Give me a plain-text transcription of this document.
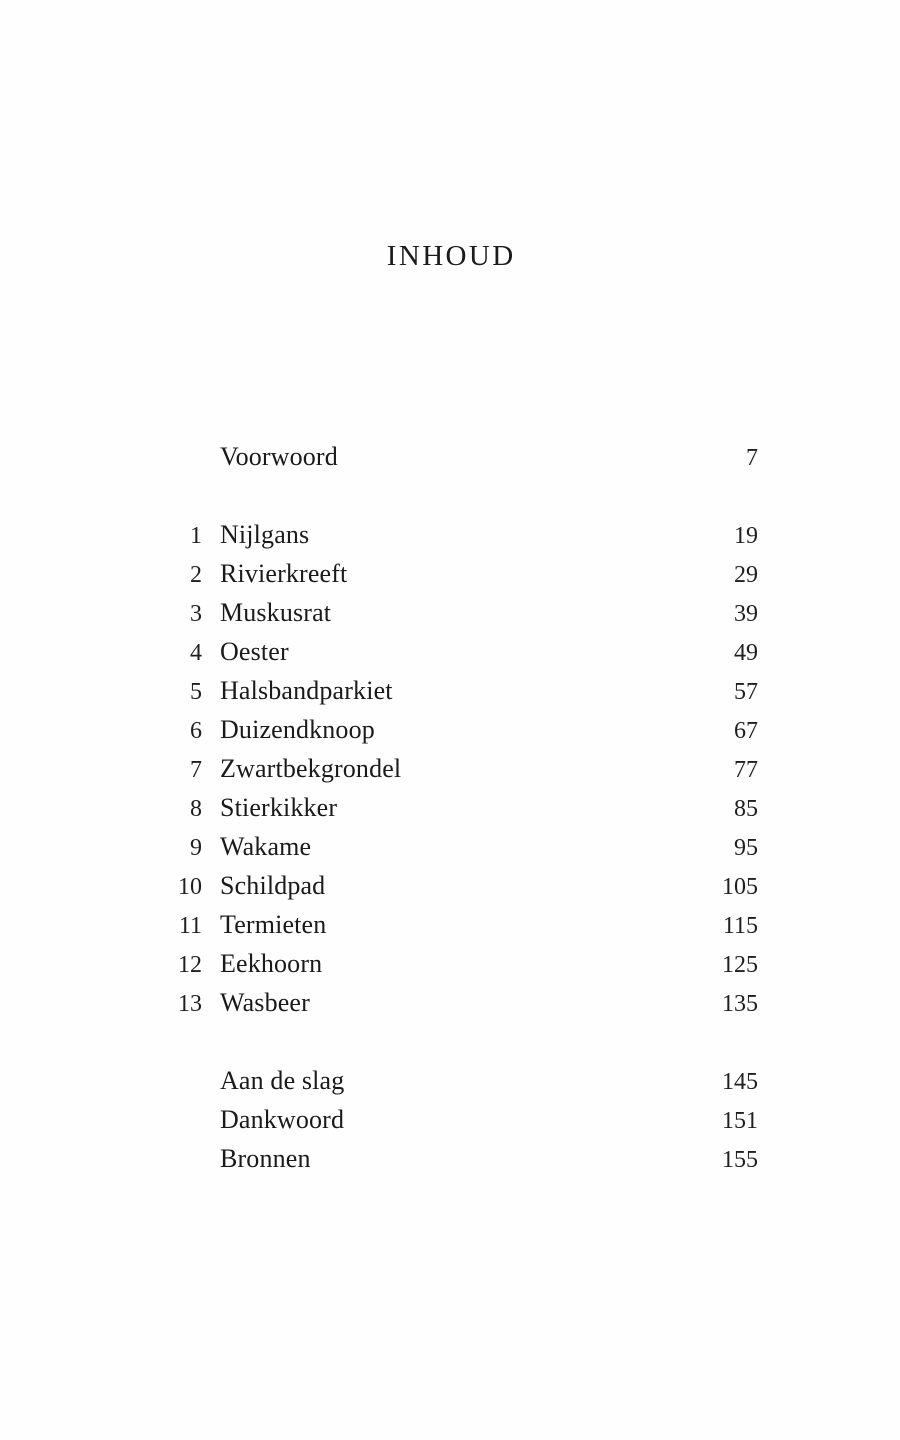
INHOUD
Voorwoord	7
1 Nijlgans	19
2 Rivierkreeft	29
3 Muskusrat	39
4 Oester	49
5 Halsbandparkiet	57
6 Duizendknoop	67
7 Zwartbekgrondel	77
8 Stierkikker	85
9 Wakame	95
10 Schildpad	105
11 Termieten	115
12 Eekhoorn	125
13 Wasbeer	135
Aan de slag	145
Dankwoord	151
Bronnen	155
